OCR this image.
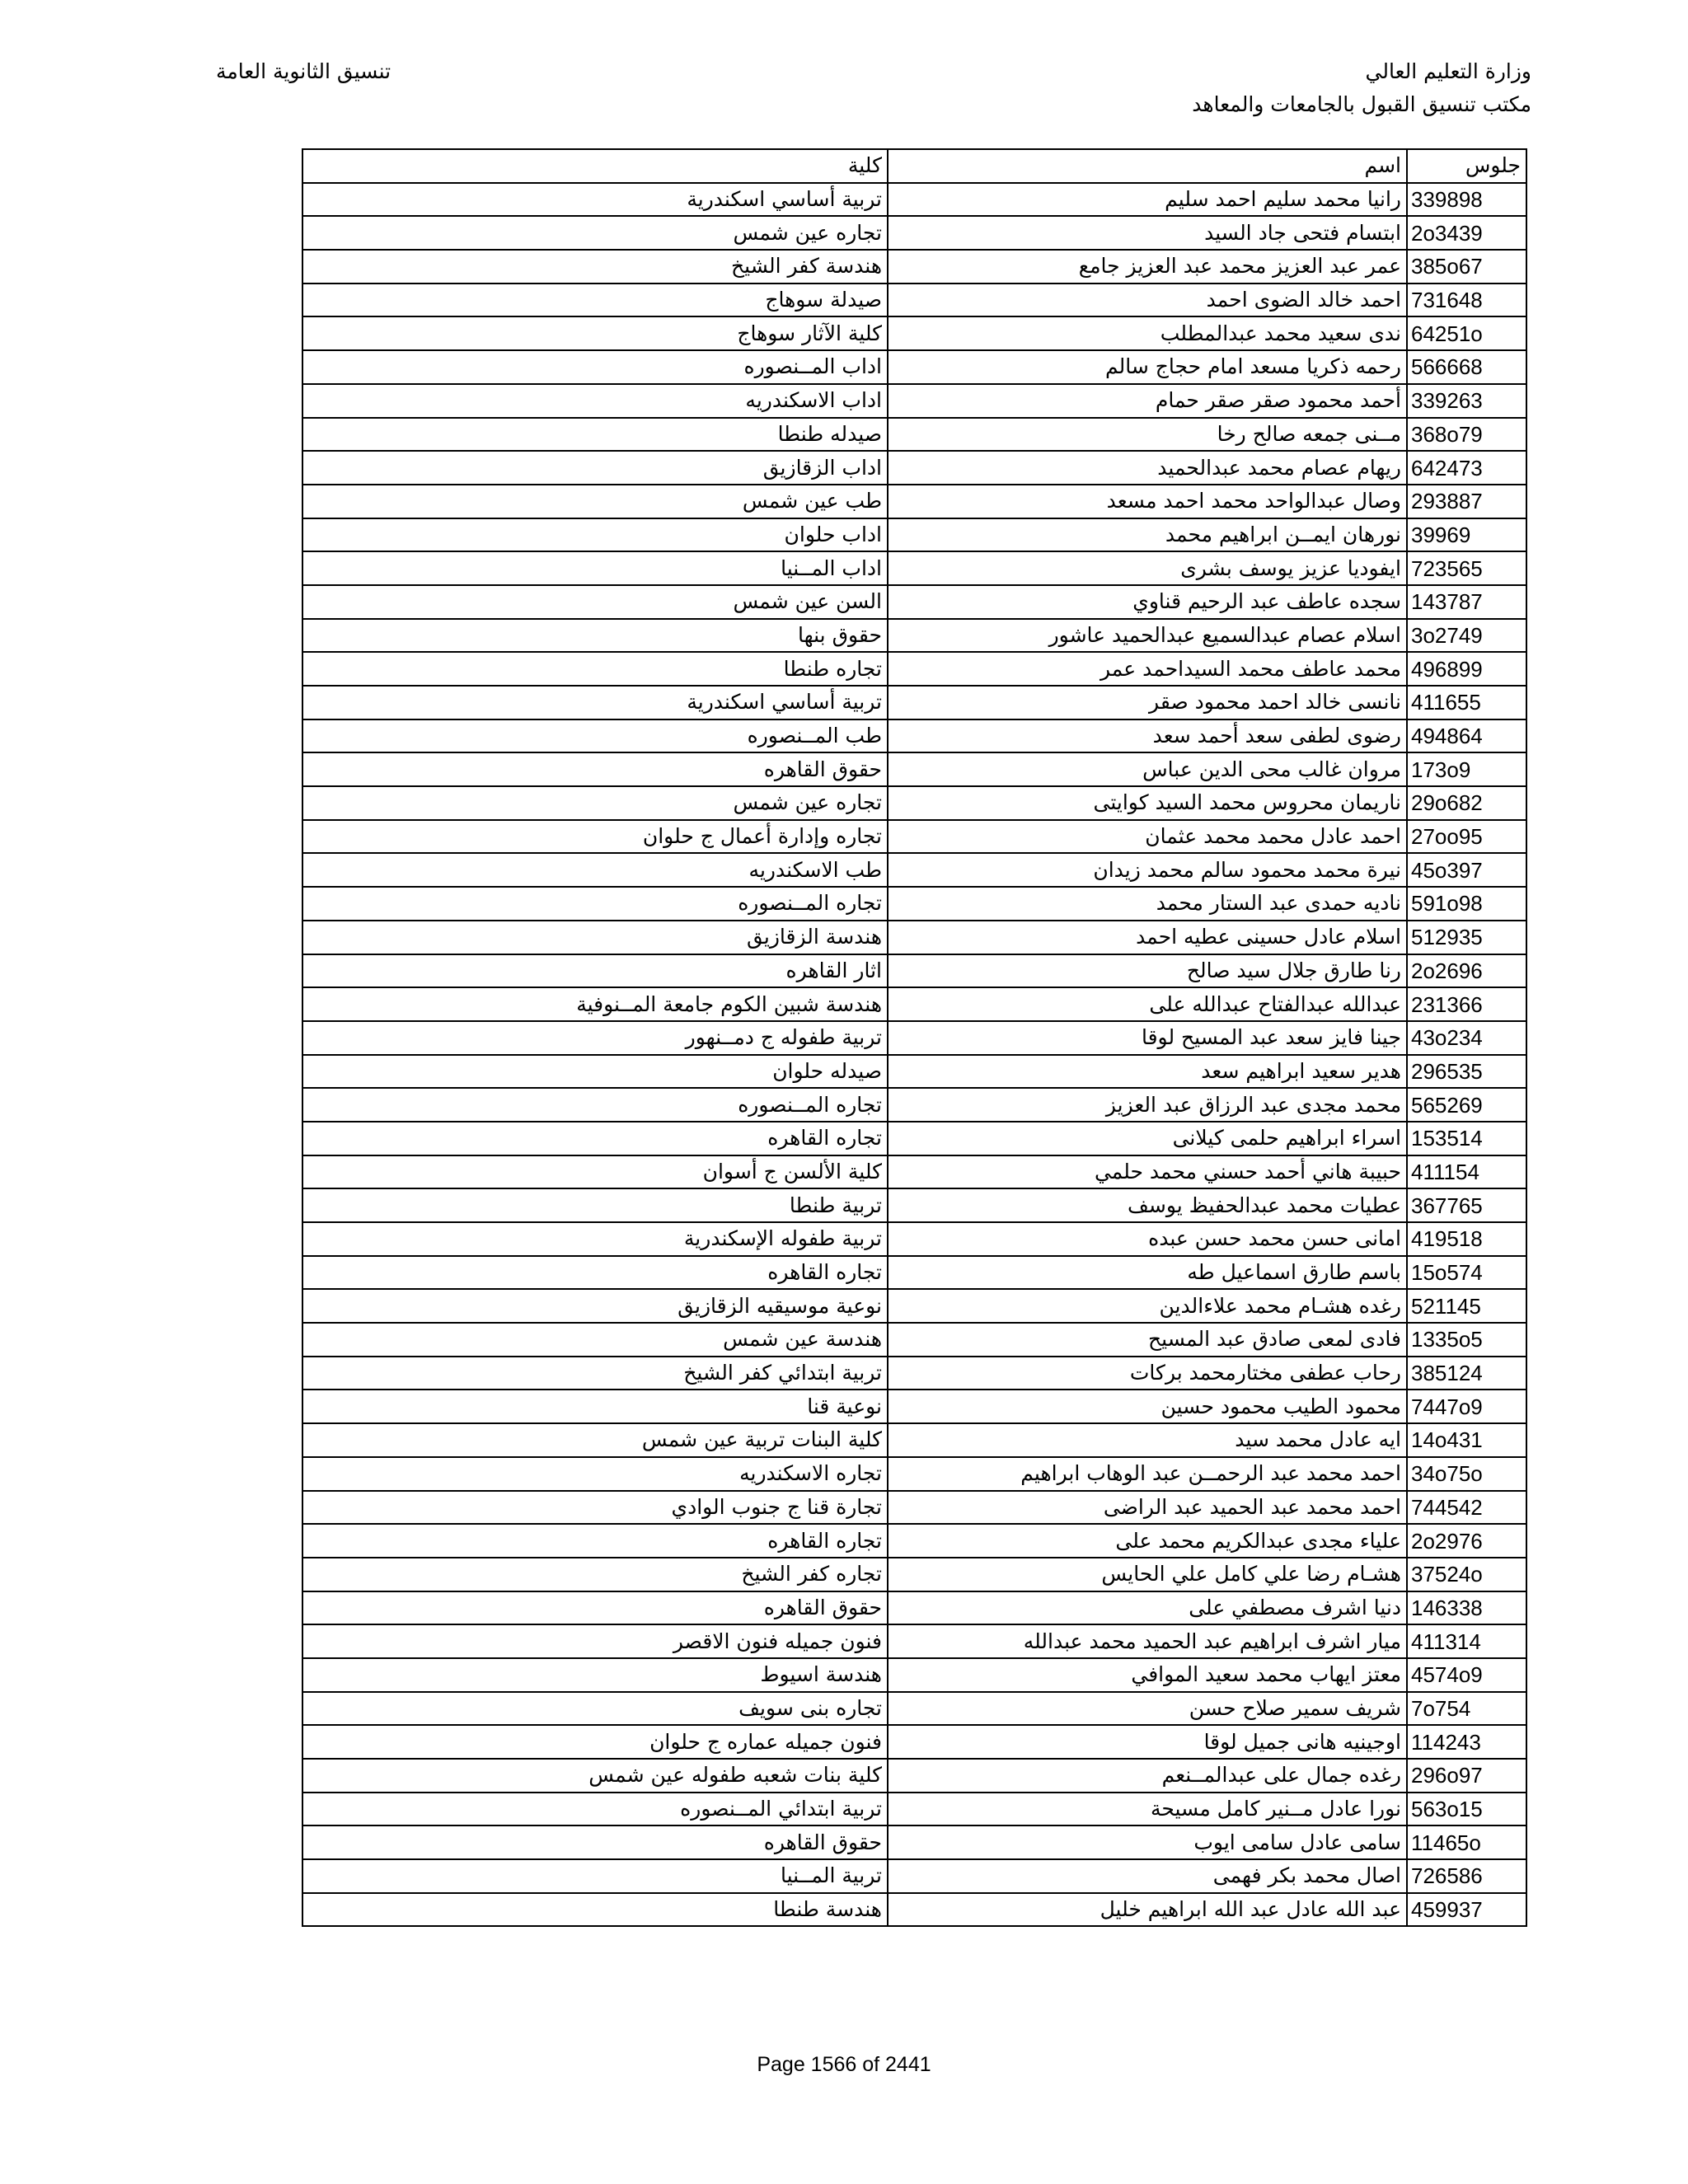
وزارة التعليم العالي
مكتب تنسيق القبول بالجامعات والمعاهد
تنسيق الثانوية العامة
جلوس	اسم	كلية
339898	رانيا محمد سليم احمد سليم	تربية أساسي اسكندرية
2o3439	ابتسام فتحى جاد السيد	تجاره عين شمس
385o67	عمر عبد العزيز محمد عبد العزيز جامع	هندسة كفر الشيخ
731648	احمد خالد الضوى احمد	صيدلة سوهاج
64251o	ندى سعيد محمد عبدالمطلب	كلية الآثار سوهاج
566668	رحمه ذكريا مسعد امام حجاج سالم	اداب المــنصوره
339263	أحمد محمود صقر صقر حمام	اداب الاسكندريه
368o79	مــنى جمعه صالح رخا	صيدله طنطا
642473	ريهام عصام محمد عبدالحميد	اداب الزقازيق
293887	وصال عبدالواحد محمد احمد مسعد	طب عين شمس
39969	نورهان ايمــن ابراهيم محمد	اداب حلوان
723565	ايفوديا عزيز يوسف بشرى	اداب المــنيا
143787	سجده عاطف عبد الرحيم قناوي	السن عين شمس
3o2749	اسلام عصام عبدالسميع عبدالحميد عاشور	حقوق بنها
496899	محمد عاطف محمد السيداحمد عمر	تجاره طنطا
411655	نانسى خالد احمد محمود صقر	تربية أساسي اسكندرية
494864	رضوى لطفى سعد أحمد سعد	طب المــنصوره
173o9	مروان غالب محى الدين عباس	حقوق القاهره
29o682	ناريمان محروس محمد السيد كوايتى	تجاره عين شمس
27oo95	احمد عادل محمد محمد عثمان	تجاره وإدارة أعمال ج حلوان
45o397	نيرة محمد محمود سالم محمد زيدان	طب الاسكندريه
591o98	ناديه حمدى عبد الستار محمد	تجاره المــنصوره
512935	اسلام عادل حسينى عطيه احمد	هندسة الزقازيق
2o2696	رنا طارق جلال سيد صالح	اثار القاهره
231366	عبدالله عبدالفتاح عبدالله على	هندسة شبين الكوم جامعة المــنوفية
43o234	جينا فايز سعد عبد المسيح لوقا	تربية طفوله ج دمــنهور
296535	هدير سعيد ابراهيم سعد	صيدله حلوان
565269	محمد مجدى عبد الرزاق عبد العزيز	تجاره المــنصوره
153514	اسراء ابراهيم حلمى كيلانى	تجاره القاهره
411154	حبيبة هاني أحمد حسني محمد حلمي	كلية الألسن ج أسوان
367765	عطيات محمد عبدالحفيظ يوسف	تربية طنطا
419518	امانى حسن محمد حسن عبده	تربية طفوله الإسكندرية
15o574	باسم طارق اسماعيل طه	تجاره القاهره
521145	رغده هشـام محمد علاءالدين	نوعية موسيقيه الزقازيق
1335o5	فادى لمعى صادق عبد المسيح	هندسة عين شمس
385124	رحاب عطفى مختارمحمد بركات	تربية ابتدائي كفر الشيخ
7447o9	محمود الطيب محمود حسين	نوعية قنا
14o431	ايه عادل محمد سيد	كلية البنات تربية عين شمس
34o75o	احمد محمد عبد الرحمــن عبد الوهاب ابراهيم	تجاره الاسكندريه
744542	احمد محمد عبد الحميد عبد الراضى	تجارة قنا ج جنوب الوادي
2o2976	علياء مجدى عبدالكريم محمد على	تجاره القاهره
37524o	هشـام رضا علي كامل علي الحايس	تجاره كفر الشيخ
146338	دنيا اشرف مصطفي على	حقوق القاهره
411314	ميار اشرف ابراهيم عبد الحميد محمد عبدالله	فنون جميله فنون الاقصر
4574o9	معتز ايهاب محمد سعيد الموافي	هندسة اسيوط
7o754	شريف سمير صلاح حسن	تجاره بنى سويف
114243	اوجينيه هانى جميل لوقا	فنون جميله عماره ج حلوان
296o97	رغده جمال على عبدالمــنعم	كلية بنات شعبه طفوله عين شمس
563o15	نورا عادل مــنير كامل مسيحة	تربية ابتدائي المــنصوره
11465o	سامى عادل سامى ايوب	حقوق القاهره
726586	اصال محمد بكر فهمى	تربية المــنيا
459937	عبد الله عادل عبد الله ابراهيم خليل	هندسة طنطا
Page 1566 of 2441
